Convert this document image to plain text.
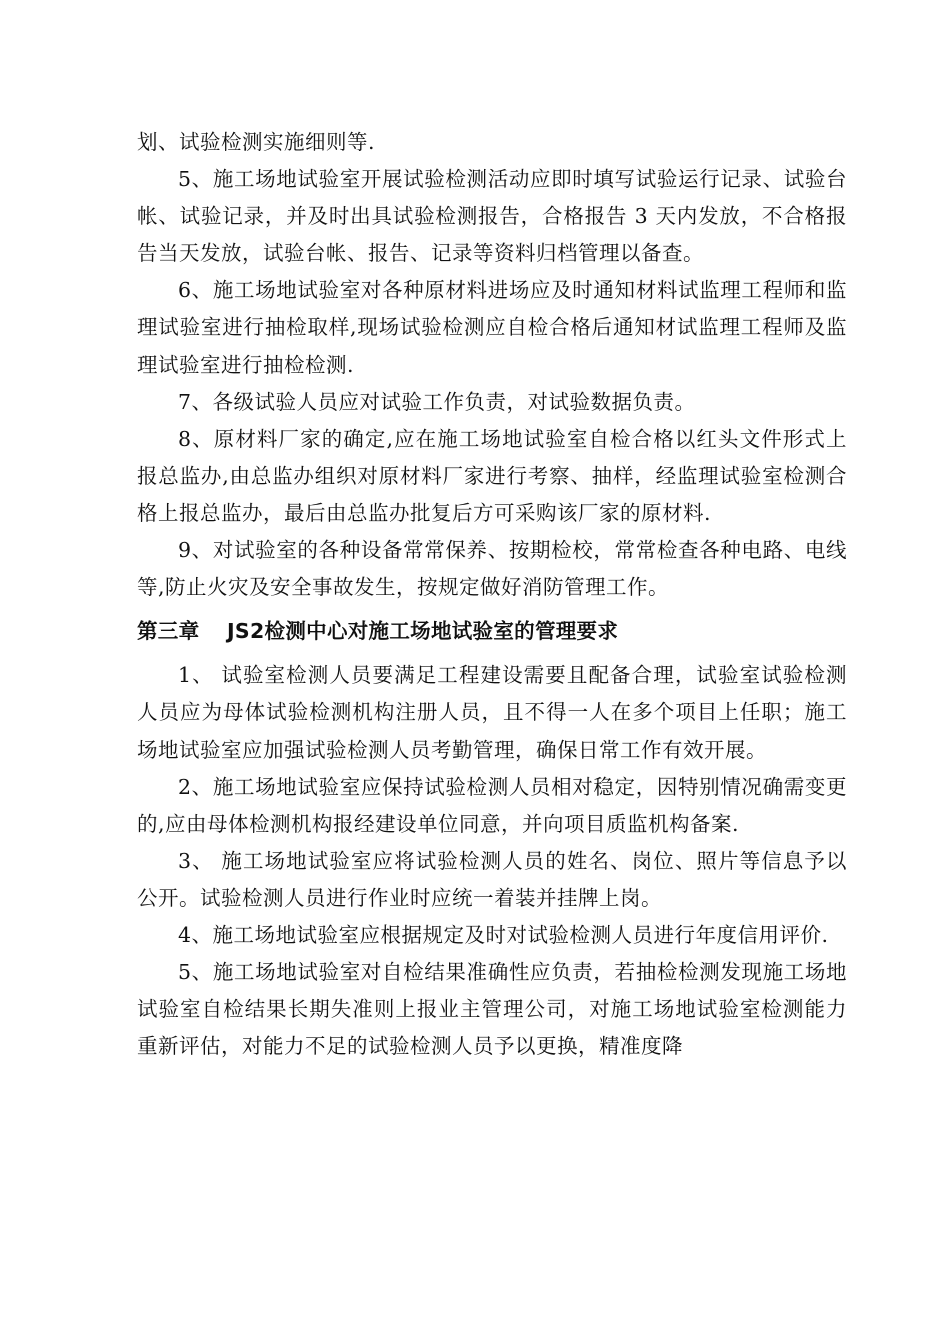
划、试验检测实施细则等.

5、施工场地试验室开展试验检测活动应即时填写试验运行记录、试验台帐、试验记录，并及时出具试验检测报告，合格报告 3 天内发放，不合格报告当天发放，试验台帐、报告、记录等资料归档管理以备查。

6、施工场地试验室对各种原材料进场应及时通知材料试监理工程师和监理试验室进行抽检取样,现场试验检测应自检合格后通知材试监理工程师及监理试验室进行抽检检测.

7、各级试验人员应对试验工作负责，对试验数据负责。

8、原材料厂家的确定,应在施工场地试验室自检合格以红头文件形式上报总监办,由总监办组织对原材料厂家进行考察、抽样，经监理试验室检测合格上报总监办，最后由总监办批复后方可采购该厂家的原材料.

9、对试验室的各种设备常常保养、按期检校，常常检查各种电路、电线等,防止火灾及安全事故发生，按规定做好消防管理工作。

第三章 JS2检测中心对施工场地试验室的管理要求

1、 试验室检测人员要满足工程建设需要且配备合理，试验室试验检测人员应为母体试验检测机构注册人员，且不得一人在多个项目上任职；施工场地试验室应加强试验检测人员考勤管理，确保日常工作有效开展。

2、施工场地试验室应保持试验检测人员相对稳定，因特别情况确需变更的,应由母体检测机构报经建设单位同意，并向项目质监机构备案.

3、 施工场地试验室应将试验检测人员的姓名、岗位、照片等信息予以公开。试验检测人员进行作业时应统一着装并挂牌上岗。

4、施工场地试验室应根据规定及时对试验检测人员进行年度信用评价.

5、施工场地试验室对自检结果准确性应负责，若抽检检测发现施工场地试验室自检结果长期失准则上报业主管理公司，对施工场地试验室检测能力重新评估，对能力不足的试验检测人员予以更换，精准度降
